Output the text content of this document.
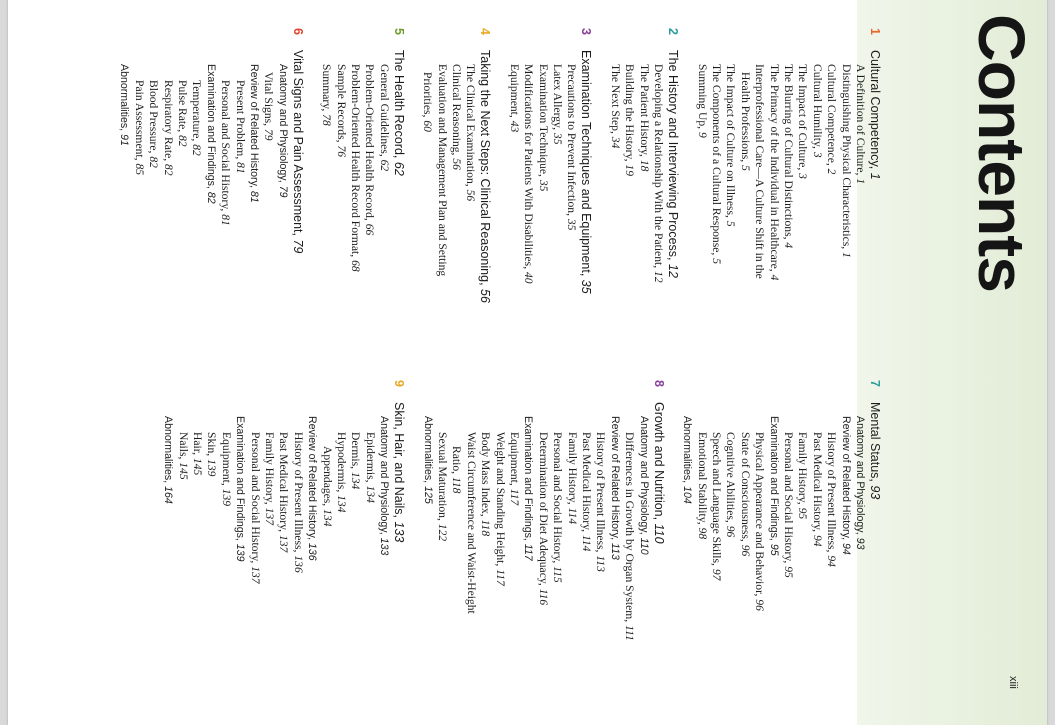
Contents
1
Cultural Competency, 1
A Definition of Culture, 1
Distinguishing Physical Characteristics, 1
Cultural Competence, 2
Cultural Humility, 3
The Impact of Culture, 3
The Blurring of Cultural Distinctions, 4
The Primacy of the Individual in Healthcare, 4
Interprofessional Care—A Culture Shift in the
Health Professions, 5
The Impact of Culture on Illness, 5
The Components of a Cultural Response, 5
Summing Up, 9
2
The History and Interviewing Process, 12
Developing a Relationship With the Patient, 12
The Patient History, 18
Building the History, 19
The Next Step, 34
3
Examination Techniques and Equipment, 35
Precautions to Prevent Infection, 35
Latex Allergy, 35
Examination Technique, 35
Modifications for Patients With Disabilities, 40
Equipment, 43
4
Taking the Next Steps: Clinical Reasoning, 56
The Clinical Examination, 56
Clinical Reasoning, 56
Evaluation and Management Plan and Setting
Priorities, 60
5
The Health Record, 62
General Guidelines, 62
Problem-Oriented Health Record, 66
Problem-Oriented Health Record Format, 68
Sample Records, 76
Summary, 78
6
Vital Signs and Pain Assessment, 79
Anatomy and Physiology, 79
Vital Signs, 79
Review of Related History, 81
Present Problem, 81
Personal and Social History, 81
Examination and Findings, 82
Temperature, 82
Pulse Rate, 82
Respiratory Rate, 82
Blood Pressure, 82
Pain Assessment, 85
Abnormalities, 91
7
Mental Status, 93
Anatomy and Physiology, 93
Review of Related History, 94
History of Present Illness, 94
Past Medical History, 94
Family History, 95
Personal and Social History, 95
Examination and Findings, 95
Physical Appearance and Behavior, 96
State of Consciousness, 96
Cognitive Abilities, 96
Speech and Language Skills, 97
Emotional Stability, 98
Abnormalities, 104
8
Growth and Nutrition, 110
Anatomy and Physiology, 110
Differences in Growth by Organ System, 111
Review of Related History, 113
History of Present Illness, 113
Past Medical History, 114
Family History, 114
Personal and Social History, 115
Determination of Diet Adequacy, 116
Examination and Findings, 117
Equipment, 117
Weight and Standing Height, 117
Body Mass Index, 118
Waist Circumference and Waist-Height
Ratio, 118
Sexual Maturation, 122
Abnormalities, 125
9
Skin, Hair, and Nails, 133
Anatomy and Physiology, 133
Epidermis, 134
Dermis, 134
Hypodermis, 134
Appendages, 134
Review of Related History, 136
History of Present Illness, 136
Past Medical History, 137
Family History, 137
Personal and Social History, 137
Examination and Findings, 139
Equipment, 139
Skin, 139
Hair, 145
Nails, 145
Abnormalities, 164
xiii
